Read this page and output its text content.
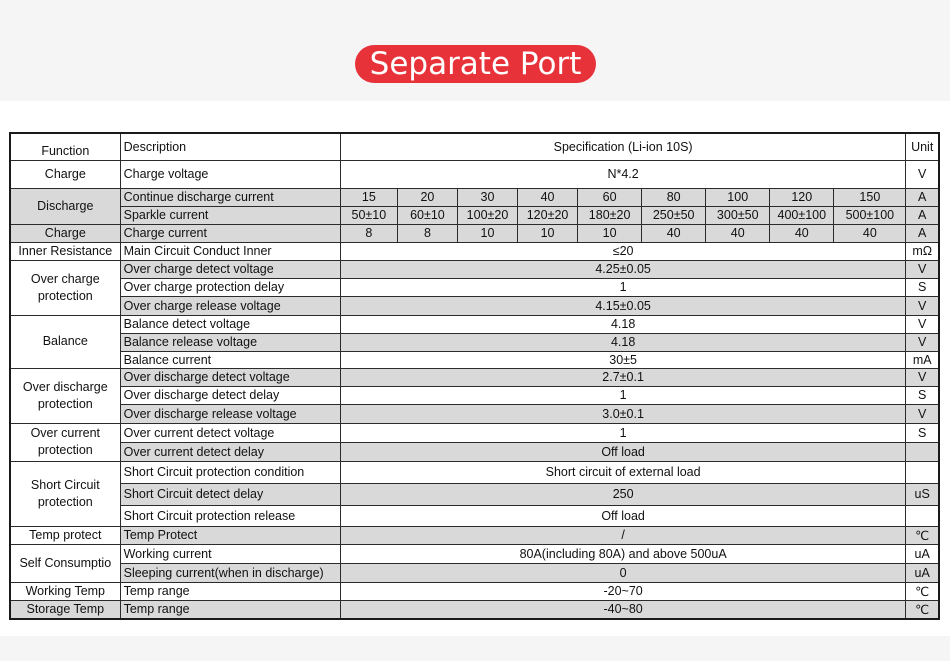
Separate Port
Function	Description	Specification (Li-ion 10S)									Unit
Charge	Charge voltage	N*4.2									V
Discharge	Continue discharge current	15	20	30	40	60	80	100	120	150	A
	Sparkle current	50±10	60±10	100±20	120±20	180±20	250±50	300±50	400±100	500±100	A
Charge	Charge current	8	8	10	10	10	40	40	40	40	A
Inner Resistance	Main Circuit Conduct Inner	≤20									mΩ
Over charge protection	Over charge detect voltage	4.25±0.05									V
	Over charge protection delay	1									S
	Over charge release voltage	4.15±0.05									V
Balance	Balance detect voltage	4.18									V
	Balance release voltage	4.18									V
	Balance current	30±5									mA
Over discharge protection	Over discharge detect voltage	2.7±0.1									V
	Over discharge detect delay	1									S
	Over discharge release voltage	3.0±0.1									V
Over current protection	Over current detect voltage	1									S
	Over current detect delay	Off load									
Short Circuit protection	Short Circuit protection condition	Short circuit of external load									
	Short Circuit detect delay	250									uS
	Short Circuit protection release	Off load									
Temp protect	Temp Protect	/									℃
Self Consumptio	Working current	80A(including 80A) and above 500uA									uA
	Sleeping current(when in discharge)	0									uA
Working Temp	Temp range	-20~70									℃
Storage Temp	Temp range	-40~80									℃
